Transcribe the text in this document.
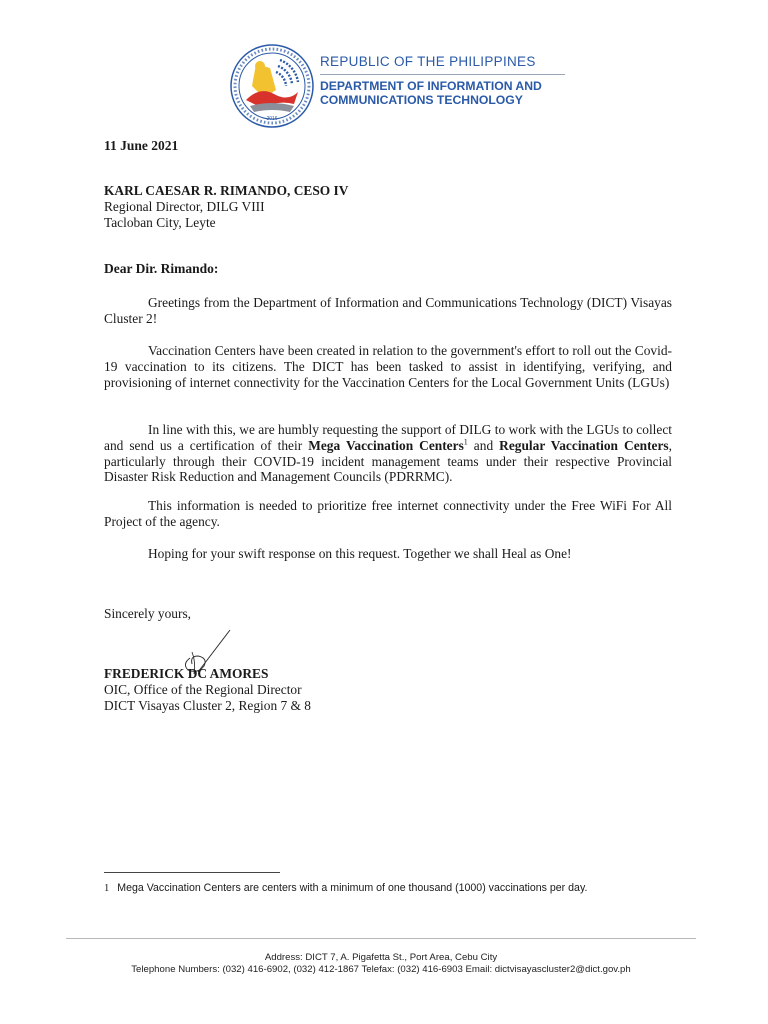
2016
REPUBLIC OF THE PHILIPPINES
DEPARTMENT OF INFORMATION AND
COMMUNICATIONS TECHNOLOGY
11 June 2021
KARL CAESAR R. RIMANDO, CESO IV
Regional Director, DILG VIII
Tacloban City, Leyte
Dear Dir. Rimando:
Greetings from the Department of Information and Communications Technology (DICT) Visayas Cluster 2!
Vaccination Centers have been created in relation to the government's effort to roll out the Covid-19 vaccination to its citizens. The DICT has been tasked to assist in identifying, verifying, and provisioning of internet connectivity for the Vaccination Centers for the Local Government Units (LGUs)
In line with this, we are humbly requesting the support of DILG to work with the LGUs to collect and send us a certification of their Mega Vaccination Centers$^1$ and Regular Vaccination Centers, particularly through their COVID-19 incident management teams under their respective Provincial Disaster Risk Reduction and Management Councils (PDRRMC).
This information is needed to prioritize free internet connectivity under the Free WiFi For All Project of the agency.
Hoping for your swift response on this request. Together we shall Heal as One!
Sincerely yours,
FREDERICK DC AMORES
OIC, Office of the Regional Director
DICT Visayas Cluster 2, Region 7 & 8
1 Mega Vaccination Centers are centers with a minimum of one thousand (1000) vaccinations per day.
Address: DICT 7, A. Pigafetta St., Port Area, Cebu City
Telephone Numbers: (032) 416-6902, (032) 412-1867 Telefax: (032) 416-6903 Email: dictvisayascluster2@dict.gov.ph
